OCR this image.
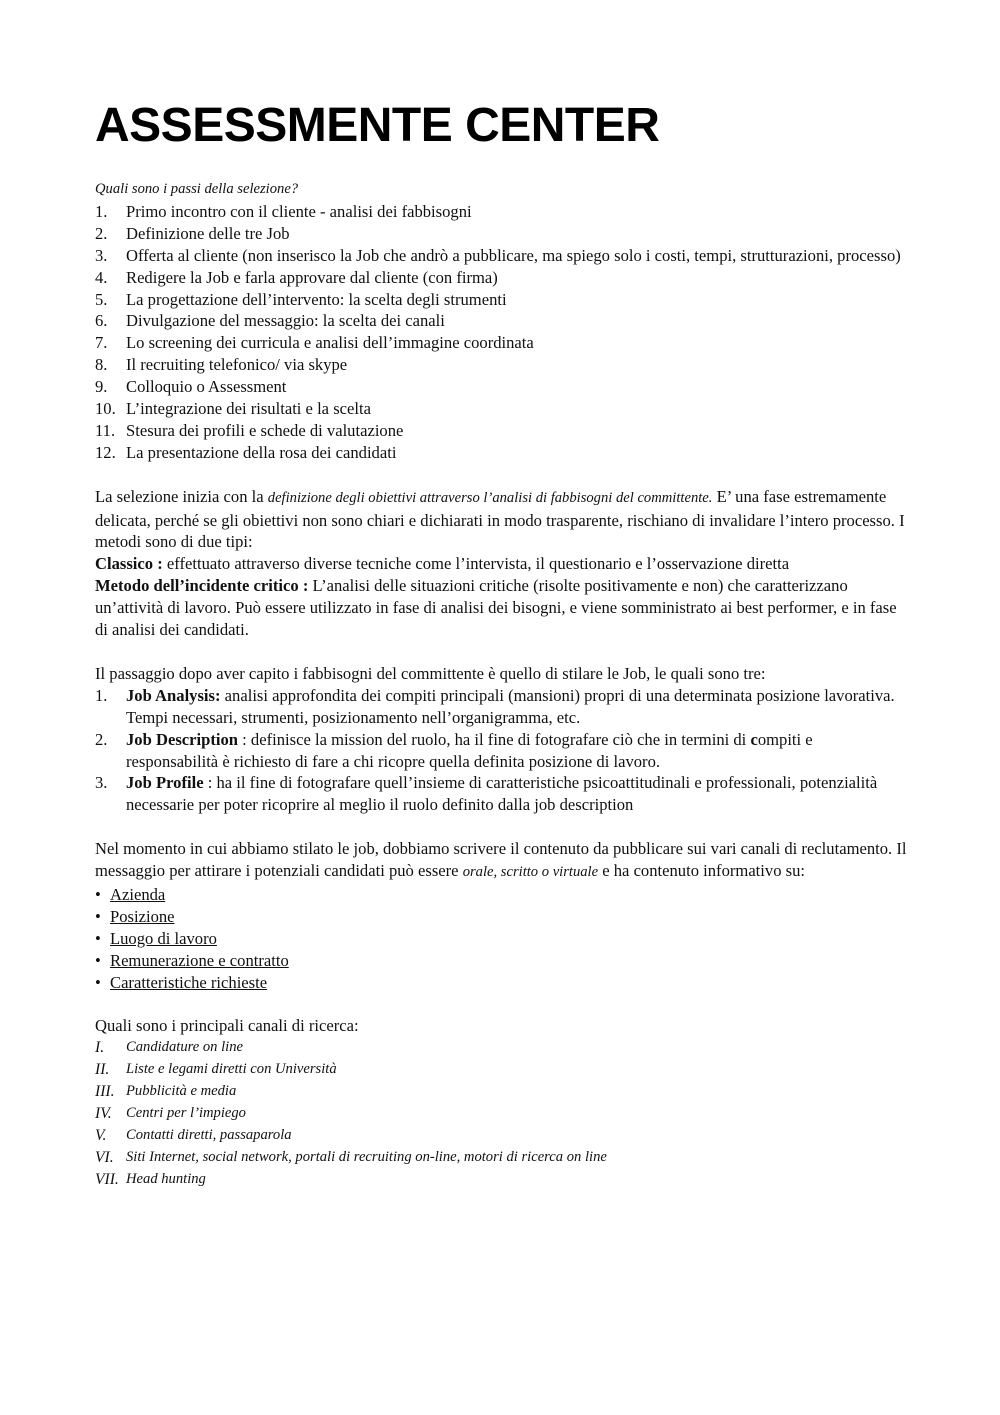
ASSESSMENTE CENTER

Quali sono i passi della selezione?

1.	Primo incontro con il cliente - analisi dei fabbisogni
2.	Definizione delle tre Job
3.	Offerta al cliente (non inserisco la Job che andrò a pubblicare, ma spiego solo i costi, tempi, strutturazioni, processo)
4.	Redigere la Job e farla approvare dal cliente (con firma)
5.	La progettazione dell’intervento: la scelta degli strumenti
6.	Divulgazione del messaggio: la scelta dei canali
7.	Lo screening dei curricula e analisi dell’immagine coordinata
8.	Il recruiting telefonico/ via skype
9.	Colloquio o Assessment
10. L’integrazione dei risultati e la scelta
11. Stesura dei profili e schede di valutazione
12. La presentazione della rosa dei candidati

La selezione inizia con la definizione degli obiettivi attraverso l’analisi di fabbisogni del committente. E’ una fase estremamente delicata, perché se gli obiettivi non sono chiari e dichiarati in modo trasparente, rischiano di invalidare l’intero processo. I metodi sono di due tipi:

Classico : effettuato attraverso diverse tecniche come l’intervista, il questionario e l’osservazione diretta

Metodo dell’incidente critico : L’analisi delle situazioni critiche (risolte positivamente e non) che caratterizzano un’attività di lavoro. Può essere utilizzato in fase di analisi dei bisogni, e viene somministrato ai best performer, e in fase di analisi dei candidati.

Il passaggio dopo aver capito i fabbisogni del committente è quello di stilare le Job, le quali sono tre:

1.	Job Analysis: analisi approfondita dei compiti principali (mansioni) propri di una determinata posizione lavorativa. Tempi necessari, strumenti, posizionamento nell’organigramma, etc.
2.	Job Description : definisce la mission del ruolo, ha il fine di fotografare ciò che in termini di compiti e responsabilità è richiesto di fare a chi ricopre quella definita posizione di lavoro.
3.	Job Profile : ha il fine di fotografare quell’insieme di caratteristiche psicoattitudinali e professionali, potenzialità necessarie per poter ricoprire al meglio il ruolo definito dalla job description

Nel momento in cui abbiamo stilato le job, dobbiamo scrivere il contenuto da pubblicare sui vari canali di reclutamento. Il messaggio per attirare i potenziali candidati può essere orale, scritto o virtuale e ha contenuto informativo su:

• Azienda
• Posizione
• Luogo di lavoro
• Remunerazione e contratto
• Caratteristiche richieste

Quali sono i principali canali di ricerca:

I.	Candidature on line
II.	Liste e legami diretti con Università
III. Pubblicità e media
IV. Centri per l’impiego
V.	Contatti diretti, passaparola
VI. Siti Internet, social network, portali di recruiting on-line, motori di ricerca on line
VII. Head hunting
